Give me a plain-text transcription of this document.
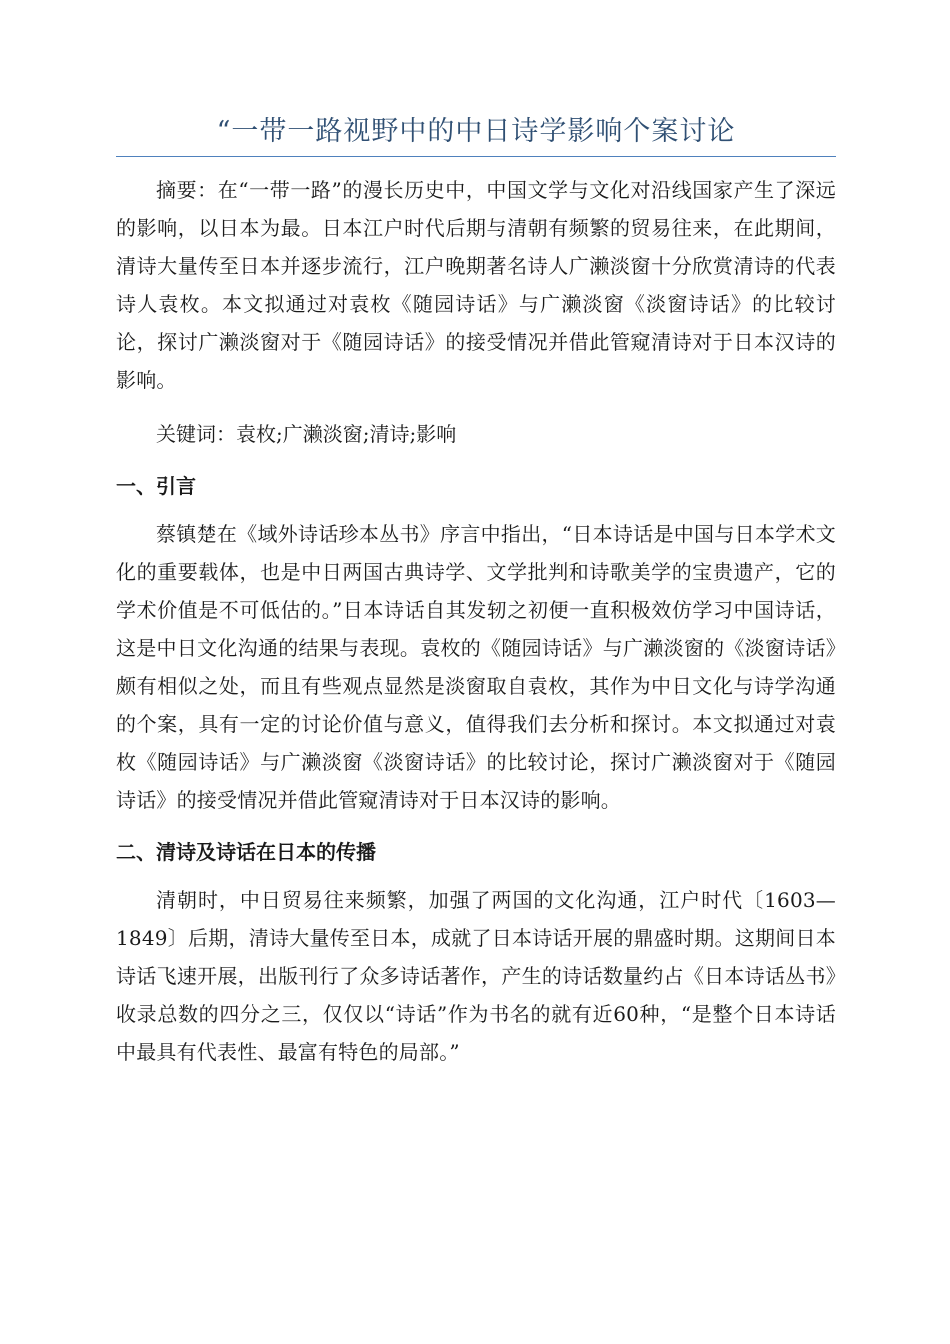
“一带一路视野中的中日诗学影响个案讨论

摘要：在“一带一路”的漫长历史中，中国文学与文化对沿线国家产生了深远的影响，以日本为最。日本江户时代后期与清朝有频繁的贸易往来，在此期间，清诗大量传至日本并逐步流行，江户晚期著名诗人广濑淡窗十分欣赏清诗的代表诗人袁枚。本文拟通过对袁枚《随园诗话》与广濑淡窗《淡窗诗话》的比较讨论，探讨广濑淡窗对于《随园诗话》的接受情况并借此管窥清诗对于日本汉诗的影响。

关键词：袁枚;广濑淡窗;清诗;影响

一、引言

蔡镇楚在《域外诗话珍本丛书》序言中指出，“日本诗话是中国与日本学术文化的重要载体，也是中日两国古典诗学、文学批判和诗歌美学的宝贵遗产，它的学术价值是不可低估的。”日本诗话自其发轫之初便一直积极效仿学习中国诗话，这是中日文化沟通的结果与表现。袁枚的《随园诗话》与广濑淡窗的《淡窗诗话》颇有相似之处，而且有些观点显然是淡窗取自袁枚，其作为中日文化与诗学沟通的个案，具有一定的讨论价值与意义，值得我们去分析和探讨。本文拟通过对袁枚《随园诗话》与广濑淡窗《淡窗诗话》的比较讨论，探讨广濑淡窗对于《随园诗话》的接受情况并借此管窥清诗对于日本汉诗的影响。

二、清诗及诗话在日本的传播

清朝时，中日贸易往来频繁，加强了两国的文化沟通，江户时代〔1603—1849〕后期，清诗大量传至日本，成就了日本诗话开展的鼎盛时期。这期间日本诗话飞速开展，出版刊行了众多诗话著作，产生的诗话数量约占《日本诗话丛书》收录总数的四分之三，仅仅以“诗话”作为书名的就有近60种，“是整个日本诗话中最具有代表性、最富有特色的局部。”
